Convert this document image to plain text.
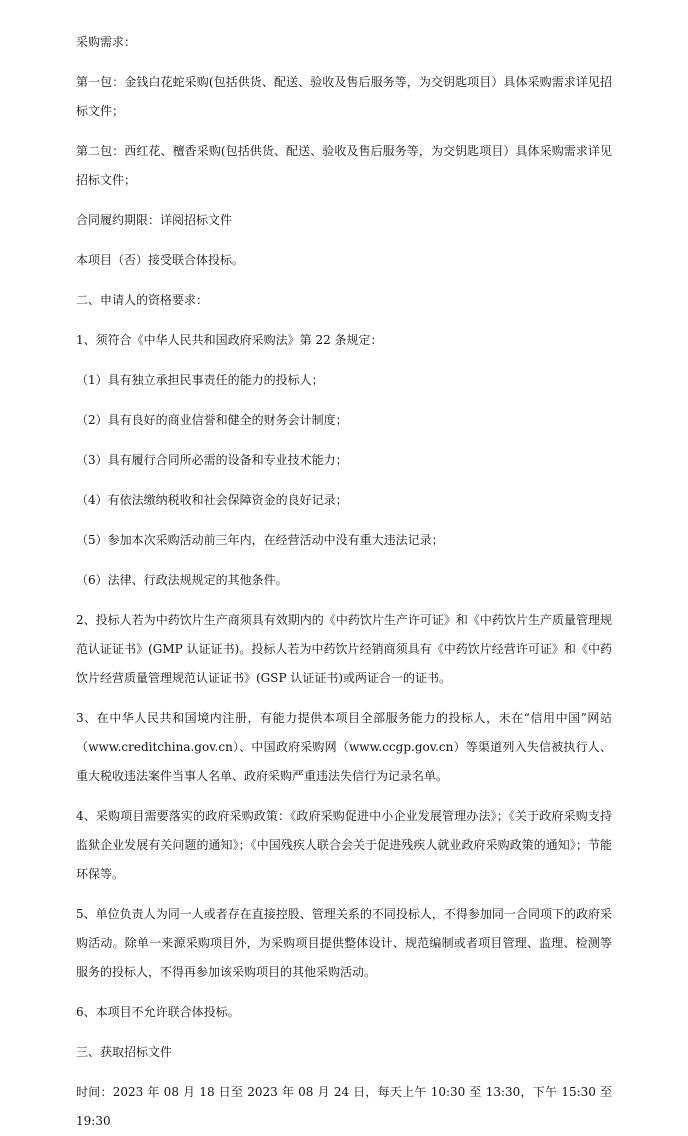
采购需求：

第一包：金钱白花蛇采购(包括供货、配送、验收及售后服务等，为交钥匙项目）具体采购需求详见招标文件；

第二包：西红花、檀香采购(包括供货、配送、验收及售后服务等，为交钥匙项目）具体采购需求详见招标文件；

合同履约期限：详阅招标文件

本项目（否）接受联合体投标。

二、申请人的资格要求：

1、须符合《中华人民共和国政府采购法》第 22 条规定：

（1）具有独立承担民事责任的能力的投标人；

（2）具有良好的商业信誉和健全的财务会计制度；

（3）具有履行合同所必需的设备和专业技术能力；

（4）有依法缴纳税收和社会保障资金的良好记录；

（5）参加本次采购活动前三年内，在经营活动中没有重大违法记录；

（6）法律、行政法规规定的其他条件。

2、投标人若为中药饮片生产商须具有效期内的《中药饮片生产许可证》和《中药饮片生产质量管理规范认证证书》(GMP 认证证书)。投标人若为中药饮片经销商须具有《中药饮片经营许可证》和《中药饮片经营质量管理规范认证证书》(GSP 认证证书)或两证合一的证书。

3、在中华人民共和国境内注册，有能力提供本项目全部服务能力的投标人，未在“信用中国”网站（www.creditchina.gov.cn）、中国政府采购网（www.ccgp.gov.cn）等渠道列入失信被执行人、重大税收违法案件当事人名单、政府采购严重违法失信行为记录名单。

4、采购项目需要落实的政府采购政策：《政府采购促进中小企业发展管理办法》；《关于政府采购支持监狱企业发展有关问题的通知》；《中国残疾人联合会关于促进残疾人就业政府采购政策的通知》；节能环保等。

5、单位负责人为同一人或者存在直接控股、管理关系的不同投标人，不得参加同一合同项下的政府采购活动。除单一来源采购项目外，为采购项目提供整体设计、规范编制或者项目管理、监理、检测等服务的投标人，不得再参加该采购项目的其他采购活动。

6、本项目不允许联合体投标。

三、获取招标文件

时间：2023 年 08 月 18 日至 2023 年 08 月 24 日，每天上午 10:30 至 13:30，下午 15:30 至 19:30
